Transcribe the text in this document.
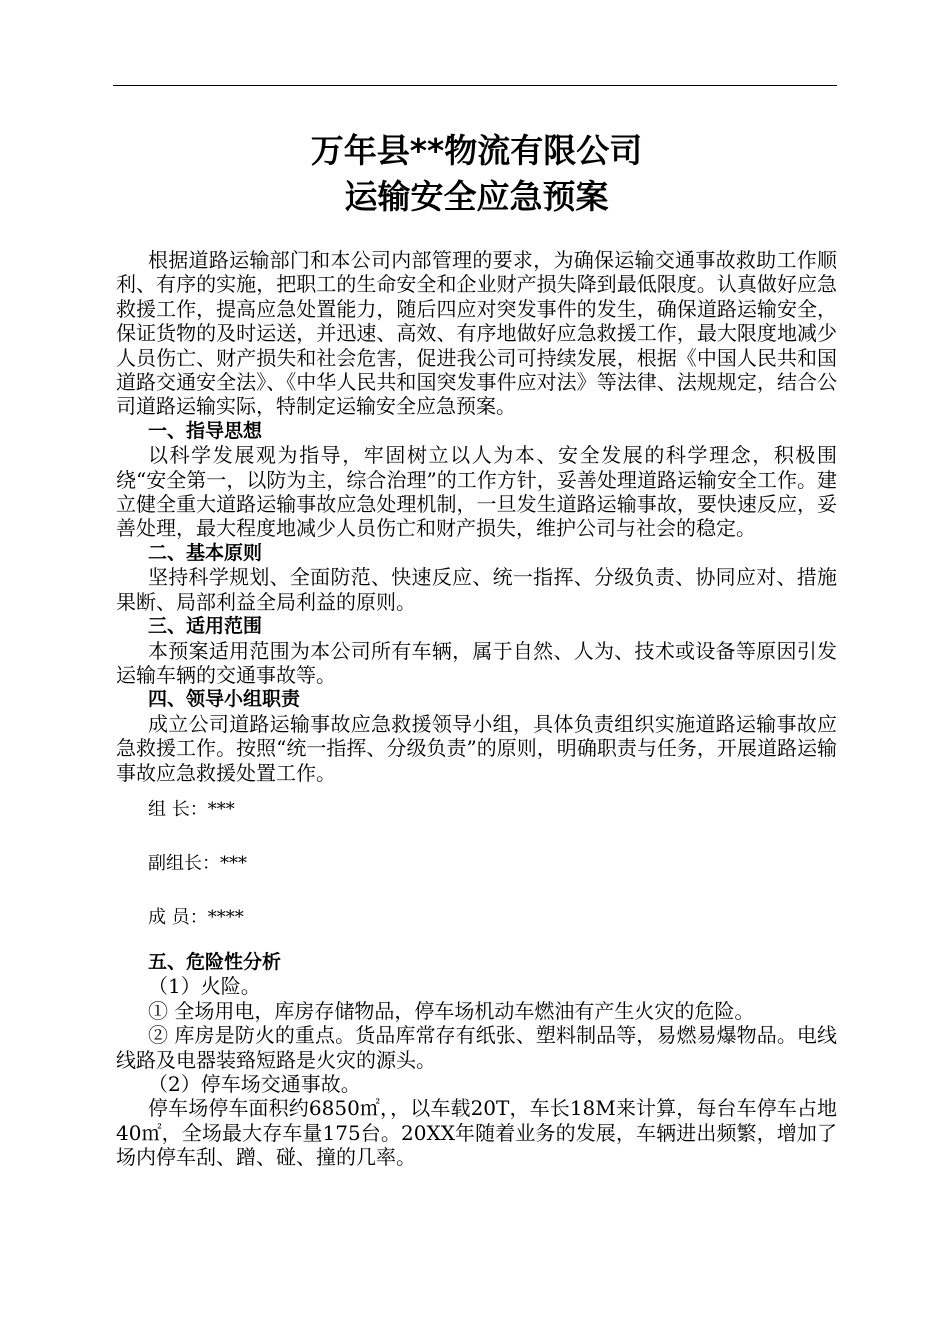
万年县**物流有限公司
运输安全应急预案

根据道路运输部门和本公司内部管理的要求，为确保运输交通事故救助工作顺利、有序的实施，把职工的生命安全和企业财产损失降到最低限度。认真做好应急救援工作，提高应急处置能力，随后四应对突发事件的发生，确保道路运输安全，保证货物的及时运送，并迅速、高效、有序地做好应急救援工作，最大限度地减少人员伤亡、财产损失和社会危害，促进我公司可持续发展，根据《中国人民共和国道路交通安全法》、《中华人民共和国突发事件应对法》等法律、法规规定，结合公司道路运输实际，特制定运输安全应急预案。

一、指导思想

以科学发展观为指导，牢固树立以人为本、安全发展的科学理念，积极围绕“安全第一，以防为主，综合治理”的工作方针，妥善处理道路运输安全工作。建立健全重大道路运输事故应急处理机制，一旦发生道路运输事故，要快速反应，妥善处理，最大程度地减少人员伤亡和财产损失，维护公司与社会的稳定。

二、基本原则

坚持科学规划、全面防范、快速反应、统一指挥、分级负责、协同应对、措施果断、局部利益全局利益的原则。

三、适用范围

本预案适用范围为本公司所有车辆，属于自然、人为、技术或设备等原因引发运输车辆的交通事故等。

四、领导小组职责

成立公司道路运输事故应急救援领导小组，具体负责组织实施道路运输事故应急救援工作。按照“统一指挥、分级负责”的原则，明确职责与任务，开展道路运输事故应急救援处置工作。

组 长：***

副组长：***

成 员：****

五、危险性分析

（1）火险。

① 全场用电，库房存储物品，停车场机动车燃油有产生火灾的危险。

② 库房是防火的重点。货品库常存有纸张、塑料制品等，易燃易爆物品。电线线路及电器装臵短路是火灾的源头。

（2）停车场交通事故。

停车场停车面积约6850㎡，，以车载20T，车长18M来计算，每台车停车占地40㎡，全场最大存车量175台。20XX年随着业务的发展，车辆进出频繁，增加了场内停车刮、蹭、碰、撞的几率。
